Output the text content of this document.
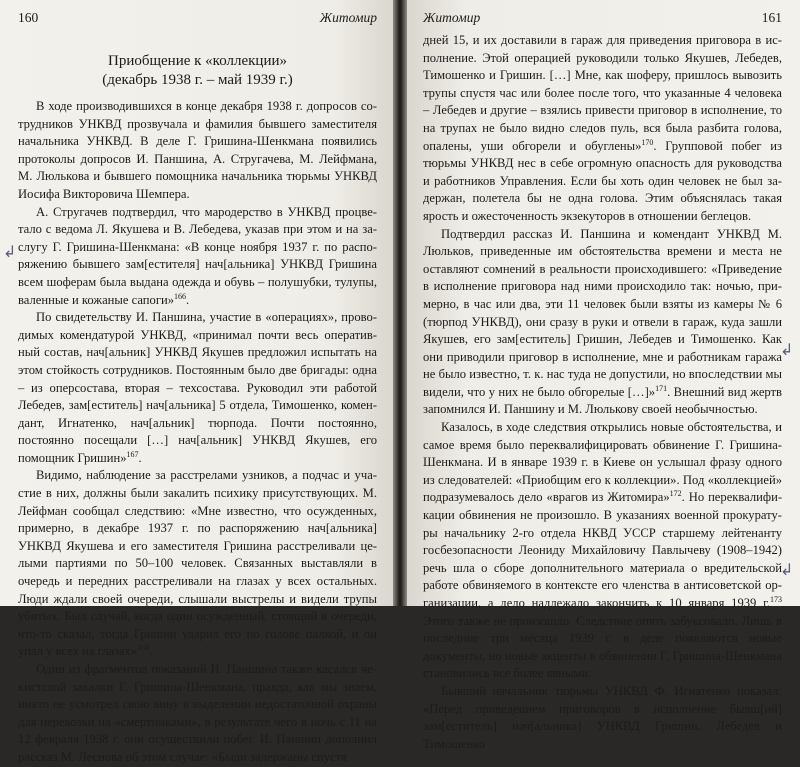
160	Житомир
Приобщение к «коллекции»
(декабрь 1938 г. – май 1939 г.)

В ходе производившихся в конце декабря 1938 г. допросов сотрудников УНКВД прозвучала и фамилия бывшего заместителя начальника УНКВД. В деле Г. Гришина-Шенкмана появились протоколы допросов И. Паншина, А. Стругачева, М. Лейфмана, М. Люлькова и бывшего помощника начальника тюрьмы УНКВД Иосифа Викторовича Шемпера.

А. Стругачев подтвердил, что мародерство в УНКВД процветало с ведома Л. Якушева и В. Лебедева, указав при этом и на заслугу Г. Гришина-Шенкмана: «В конце ноября 1937 г. по распоряжению бывшего зам[естителя] нач[альника] УНКВД Гришина всем шоферам была выдана одежда и обувь – полушубки, тулупы, валенные и кожаные сапоги»$^{166}$.

По свидетельству И. Паншина, участие в «операциях», проводимых комендатурой УНКВД, «принимал почти весь оперативный состав, нач[альник] УНКВД Якушев предложил испытать на этом стойкость сотрудников. Постоянным было две бригады: одна – из оперсостава, вторая – техсостава. Руководил эти работой Лебедев, зам[еститель] нач[альника] 5 отдела, Тимошенко, комендант, Игнатенко, нач[альник] тюрпода. Почти постоянно, постоянно посещали […] нач[альник] УНКВД Якушев, его помощник Гришин»$^{167}$.

Видимо, наблюдение за расстрелами узников, а подчас и участие в них, должны были закалить психику присутствующих. М. Лейфман сообщал следствию: «Мне известно, что осужденных, примерно, в декабре 1937 г. по распоряжению нач[альника] УНКВД Якушева и его заместителя Гришина расстреливали целыми партиями по 50–100 человек. Связанных выставляли в очередь и передних расстреливали на глазах у всех остальных. Люди ждали своей очереди, слышали выстрелы и видели трупы убитых. Был случай, когда один осужденный, стоящий в очереди, что-то сказал, тогда Гришин ударил его по голове палкой, и он упал у всех на глазах»$^{168}$.

Один из фрагментов показаний И. Паншина также касался чекистской закалки Г. Гришина-Шенкмана, правда, как мы знаем, никто не усмотрел свою вину в выделении недостаточной охраны для перевозки на «смертниками», в результате чего в ночь с 11 на 12 февраля 1938 г. они осуществили побег. И. Паншин дополнил рассказ М. Леснова об этом случае: «Были задержаны спустя

Житомир	161

дней 15, и их доставили в гараж для приведения приговора в исполнение. Этой операцией руководили только Якушев, Лебедев, Тимошенко и Гришин. […] Мне, как шоферу, пришлось вывозить трупы спустя час или более после того, что указанные 4 человека – Лебедев и другие – взялись привести приговор в исполнение, то на трупах не было видно следов пуль, вся была разбита голова, опалены, уши обгорели и обуглены»$^{170}$. Групповой побег из тюрьмы УНКВД нес в себе огромную опасность для руководства и работников Управления. Если бы хоть один человек не был задержан, полетела бы не одна голова. Этим объяснялась такая ярость и ожесточенность экзекуторов в отношении беглецов.

Подтвердил рассказ И. Паншина и комендант УНКВД М. Люльков, приведенные им обстоятельства времени и места не оставляют сомнений в реальности происходившего: «Приведение в исполнение приговора над ними происходило так: ночью, примерно, в час или два, эти 11 человек были взяты из камеры № 6 (тюрпод УНКВД), они сразу в руки и отвели в гараж, куда зашли Якушев, его зам[еститель] Гришин, Лебедев и Тимошенко. Как они приводили приговор в исполнение, мне и работникам гаража не было известно, т. к. нас туда не допустили, но впоследствии мы видели, что у них не было обгорелые […]»$^{171}$. Внешний вид жертв запомнился И. Паншину и М. Люлькову своей необычностью.

Казалось, в ходе следствия открылись новые обстоятельства, и самое время было переквалифицировать обвинение Г. Гришина-Шенкмана. И в январе 1939 г. в Киеве он услышал фразу одного из следователей: «Приобщим его к коллекции». Под «коллекцией» подразумевалось дело «врагов из Житомира»$^{172}$. Но переквалификации обвинения не произошло. В указаниях военной прокуратуры начальнику 2-го отдела НКВД УССР старшему лейтенанту госбезопасности Леониду Михайловичу Павлычеву (1908–1942) речь шла о сборе дополнительного материала о вредительской работе обвиняемого в контексте его членства в антисоветской организации, а дело надлежало закончить к 10 января 1939 г.$^{173}$ Этого также не произошло. Следствие опять забуксовало. Лишь в последние три месяца 1939 г. в деле появляются новые документы, но новые акценты в обвинении Г. Гришина-Шенкмана становились все более явными.

Бывший начальник тюрьмы УНКВД Ф. Игнатенко показал: «Перед приведением приговоров в исполнение бывш[ий] зам[еститель] нач[альника] УНКВД Гришин, Лебедев и Тимошенко

↲
↲
↲
